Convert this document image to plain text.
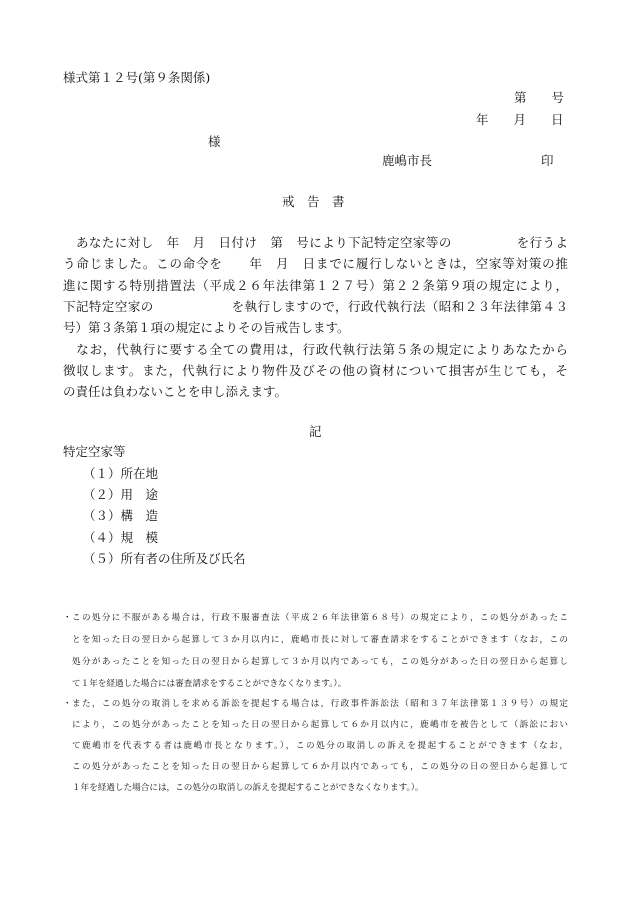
様式第１２号(第９条関係)
第　　号
年　　月　　日
様
鹿嶋市長	印
戒　告　書
　あなたに対し　年　月　日付け　第　号により下記特定空家等の　　　　　を行うよ
う命じました。この命令を　　年　月　日までに履行しないときは，空家等対策の推
進に関する特別措置法（平成２６年法律第１２７号）第２２条第９項の規定により，
下記特定空家の　　　　　　を執行しますので，行政代執行法（昭和２３年法律第４３
号）第３条第１項の規定によりその旨戒告します。
　なお，代執行に要する全ての費用は，行政代執行法第５条の規定によりあなたから
徴収します。また，代執行により物件及びその他の資材について損害が生じても，そ
の責任は負わないことを申し添えます。
記
特定空家等
（１）所在地
（２）用　途
（３）構　造
（４）規　模
（５）所有者の住所及び氏名
・ この処分に不服がある場合は，行政不服審査法（平成２６年法律第６８号）の規定により，この処分があったこ
とを知った日の翌日から起算して３か月以内に，鹿嶋市長に対して審査請求をすることができます（なお，この
処分があったことを知った日の翌日から起算して３か月以内であっても，この処分があった日の翌日から起算し
て１年を経過した場合には審査請求をすることができなくなります。）。
・ また，この処分の取消しを求める訴訟を提起する場合は，行政事件訴訟法（昭和３７年法律第１３９号）の規定
により，この処分があったことを知った日の翌日から起算して６か月以内に，鹿嶋市を被告として（訴訟におい
て鹿嶋市を代表する者は鹿嶋市長となります。），この処分の取消しの訴えを提起することができます（なお，
この処分があったことを知った日の翌日から起算して６か月以内であっても，この処分の日の翌日から起算して
１年を経過した場合には，この処分の取消しの訴えを提起することができなくなります。）。
